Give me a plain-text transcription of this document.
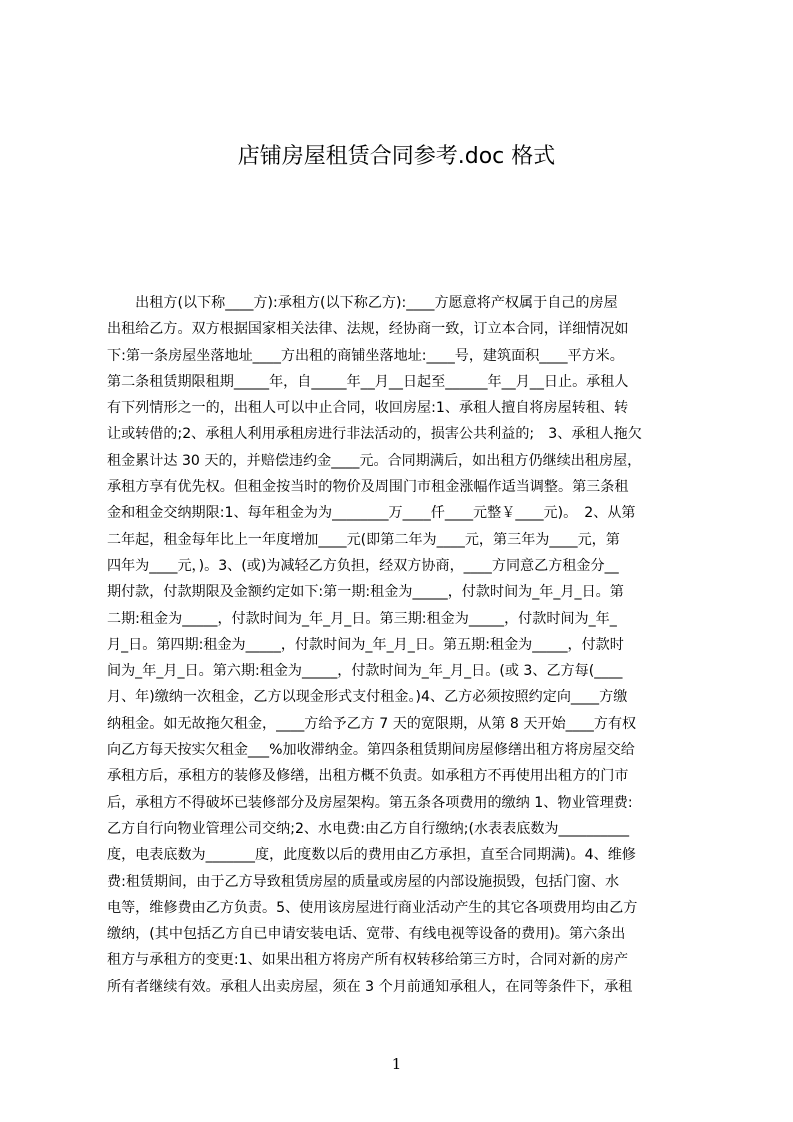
店铺房屋租赁合同参考.doc 格式
　　出租方(以下称____方):承租方(以下称乙方):____方愿意将产权属于自己的房屋
出租给乙方。双方根据国家相关法律、法规，经协商一致，订立本合同，详细情况如
下:第一条房屋坐落地址____方出租的商铺坐落地址:____号，建筑面积____平方米。
第二条租赁期限租期_____年，自_____年__月__日起至______年__月__日止。承租人
有下列情形之一的，出租人可以中止合同，收回房屋:1、承租人擅自将房屋转租、转
让或转借的;2、承租人利用承租房进行非法活动的，损害公共利益的;　3、承租人拖欠
租金累计达 30 天的，并赔偿违约金____元。合同期满后，如出租方仍继续出租房屋，
承租方享有优先权。但租金按当时的物价及周围门市租金涨幅作适当调整。第三条租
金和租金交纳期限:1、每年租金为为________万____仟____元整￥____元)。　2、从第
二年起，租金每年比上一年度增加____元(即第二年为____元，第三年为____元，第
四年为____元，)。3、(或)为减轻乙方负担，经双方协商，____方同意乙方租金分__
期付款，付款期限及金额约定如下:第一期:租金为_____，付款时间为_年_月_日。第
二期:租金为_____，付款时间为_年_月_日。第三期:租金为_____，付款时间为_年_
月_日。第四期:租金为_____，付款时间为_年_月_日。第五期:租金为_____，付款时
间为_年_月_日。第六期:租金为_____，付款时间为_年_月_日。(或 3、乙方每(____
月、年)缴纳一次租金，乙方以现金形式支付租金。)4、乙方必须按照约定向____方缴
纳租金。如无故拖欠租金，____方给予乙方 7 天的宽限期，从第 8 天开始____方有权
向乙方每天按实欠租金___%加收滞纳金。第四条租赁期间房屋修缮出租方将房屋交给
承租方后，承租方的装修及修缮，出租方概不负责。如承租方不再使用出租方的门市
后，承租方不得破坏已装修部分及房屋架构。第五条各项费用的缴纳 1、物业管理费:
乙方自行向物业管理公司交纳;2、水电费:由乙方自行缴纳;(水表表底数为__________
度，电表底数为_______度，此度数以后的费用由乙方承担，直至合同期满)。4、维修
费:租赁期间，由于乙方导致租赁房屋的质量或房屋的内部设施损毁，包括门窗、水
电等，维修费由乙方负责。5、使用该房屋进行商业活动产生的其它各项费用均由乙方
缴纳，(其中包括乙方自已申请安装电话、宽带、有线电视等设备的费用)。第六条出
租方与承租方的变更:1、如果出租方将房产所有权转移给第三方时，合同对新的房产
所有者继续有效。承租人出卖房屋，须在 3 个月前通知承租人，在同等条件下，承租
1
